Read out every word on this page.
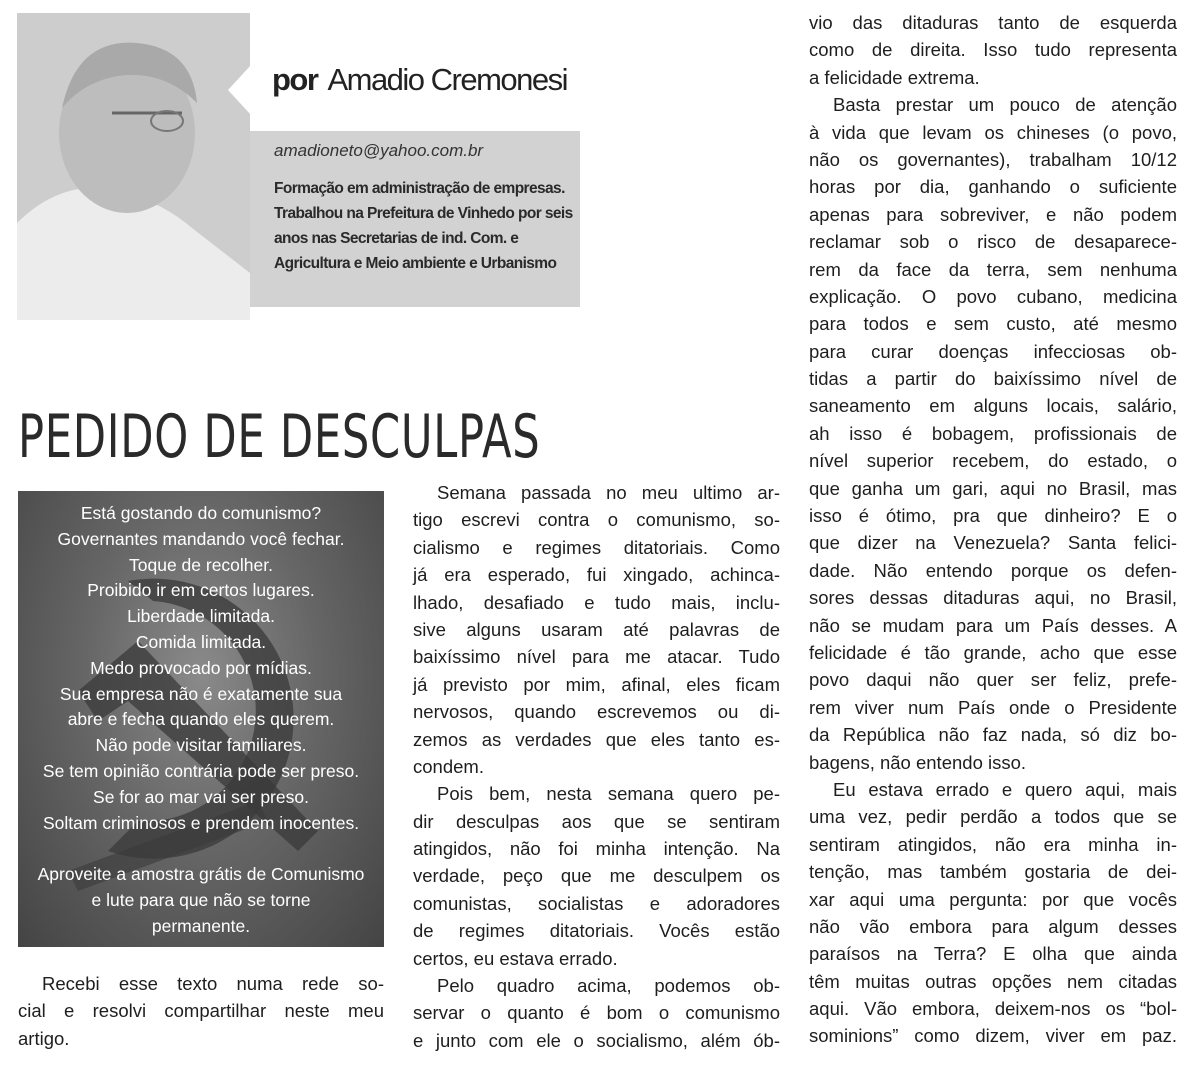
por Amadio Cremonesi
amadioneto@yahoo.com.br
Formação em administração de empresas. Trabalhou na Prefeitura de Vinhedo por seis anos nas Secretarias de ind. Com. e Agricultura e Meio ambiente e Urbanismo
PEDIDO DE DESCULPAS
Está gostando do comunismo?
Governantes mandando você fechar.
Toque de recolher.
Proibido ir em certos lugares.
Liberdade limitada.
Comida limitada.
Medo provocado por mídias.
Sua empresa não é exatamente sua
abre e fecha quando eles querem.
Não pode visitar familiares.
Se tem opinião contrária pode ser preso.
Se for ao mar vai ser preso.
Soltam criminosos e prendem inocentes.
Aproveite a amostra grátis de Comunismo
e lute para que não se torne
permanente.
Recebi esse texto numa rede so-
cial e resolvi compartilhar neste meu
artigo.
Semana passada no meu ultimo ar-
tigo escrevi contra o comunismo, so-
cialismo e regimes ditatoriais. Como
já era esperado, fui xingado, achinca-
lhado, desafiado e tudo mais, inclu-
sive alguns usaram até palavras de
baixíssimo nível para me atacar. Tudo
já previsto por mim, afinal, eles ficam
nervosos, quando escrevemos ou di-
zemos as verdades que eles tanto es-
condem.
Pois bem, nesta semana quero pe-
dir desculpas aos que se sentiram
atingidos, não foi minha intenção. Na
verdade, peço que me desculpem os
comunistas, socialistas e adoradores
de regimes ditatoriais. Vocês estão
certos, eu estava errado.
Pelo quadro acima, podemos ob-
servar o quanto é bom o comunismo
e junto com ele o socialismo, além ób-
vio das ditaduras tanto de esquerda
como de direita. Isso tudo representa
a felicidade extrema.
Basta prestar um pouco de atenção
à vida que levam os chineses (o povo,
não os governantes), trabalham 10/12
horas por dia, ganhando o suficiente
apenas para sobreviver, e não podem
reclamar sob o risco de desaparece-
rem da face da terra, sem nenhuma
explicação. O povo cubano, medicina
para todos e sem custo, até mesmo
para curar doenças infecciosas ob-
tidas a partir do baixíssimo nível de
saneamento em alguns locais, salário,
ah isso é bobagem, profissionais de
nível superior recebem, do estado, o
que ganha um gari, aqui no Brasil, mas
isso é ótimo, pra que dinheiro? E o
que dizer na Venezuela? Santa felici-
dade. Não entendo porque os defen-
sores dessas ditaduras aqui, no Brasil,
não se mudam para um País desses. A
felicidade é tão grande, acho que esse
povo daqui não quer ser feliz, prefe-
rem viver num País onde o Presidente
da República não faz nada, só diz bo-
bagens, não entendo isso.
Eu estava errado e quero aqui, mais
uma vez, pedir perdão a todos que se
sentiram atingidos, não era minha in-
tenção, mas também gostaria de dei-
xar aqui uma pergunta: por que vocês
não vão embora para algum desses
paraísos na Terra? E olha que ainda
têm muitas outras opções nem citadas
aqui. Vão embora, deixem-nos os “bol-
sominions” como dizem, viver em paz.
